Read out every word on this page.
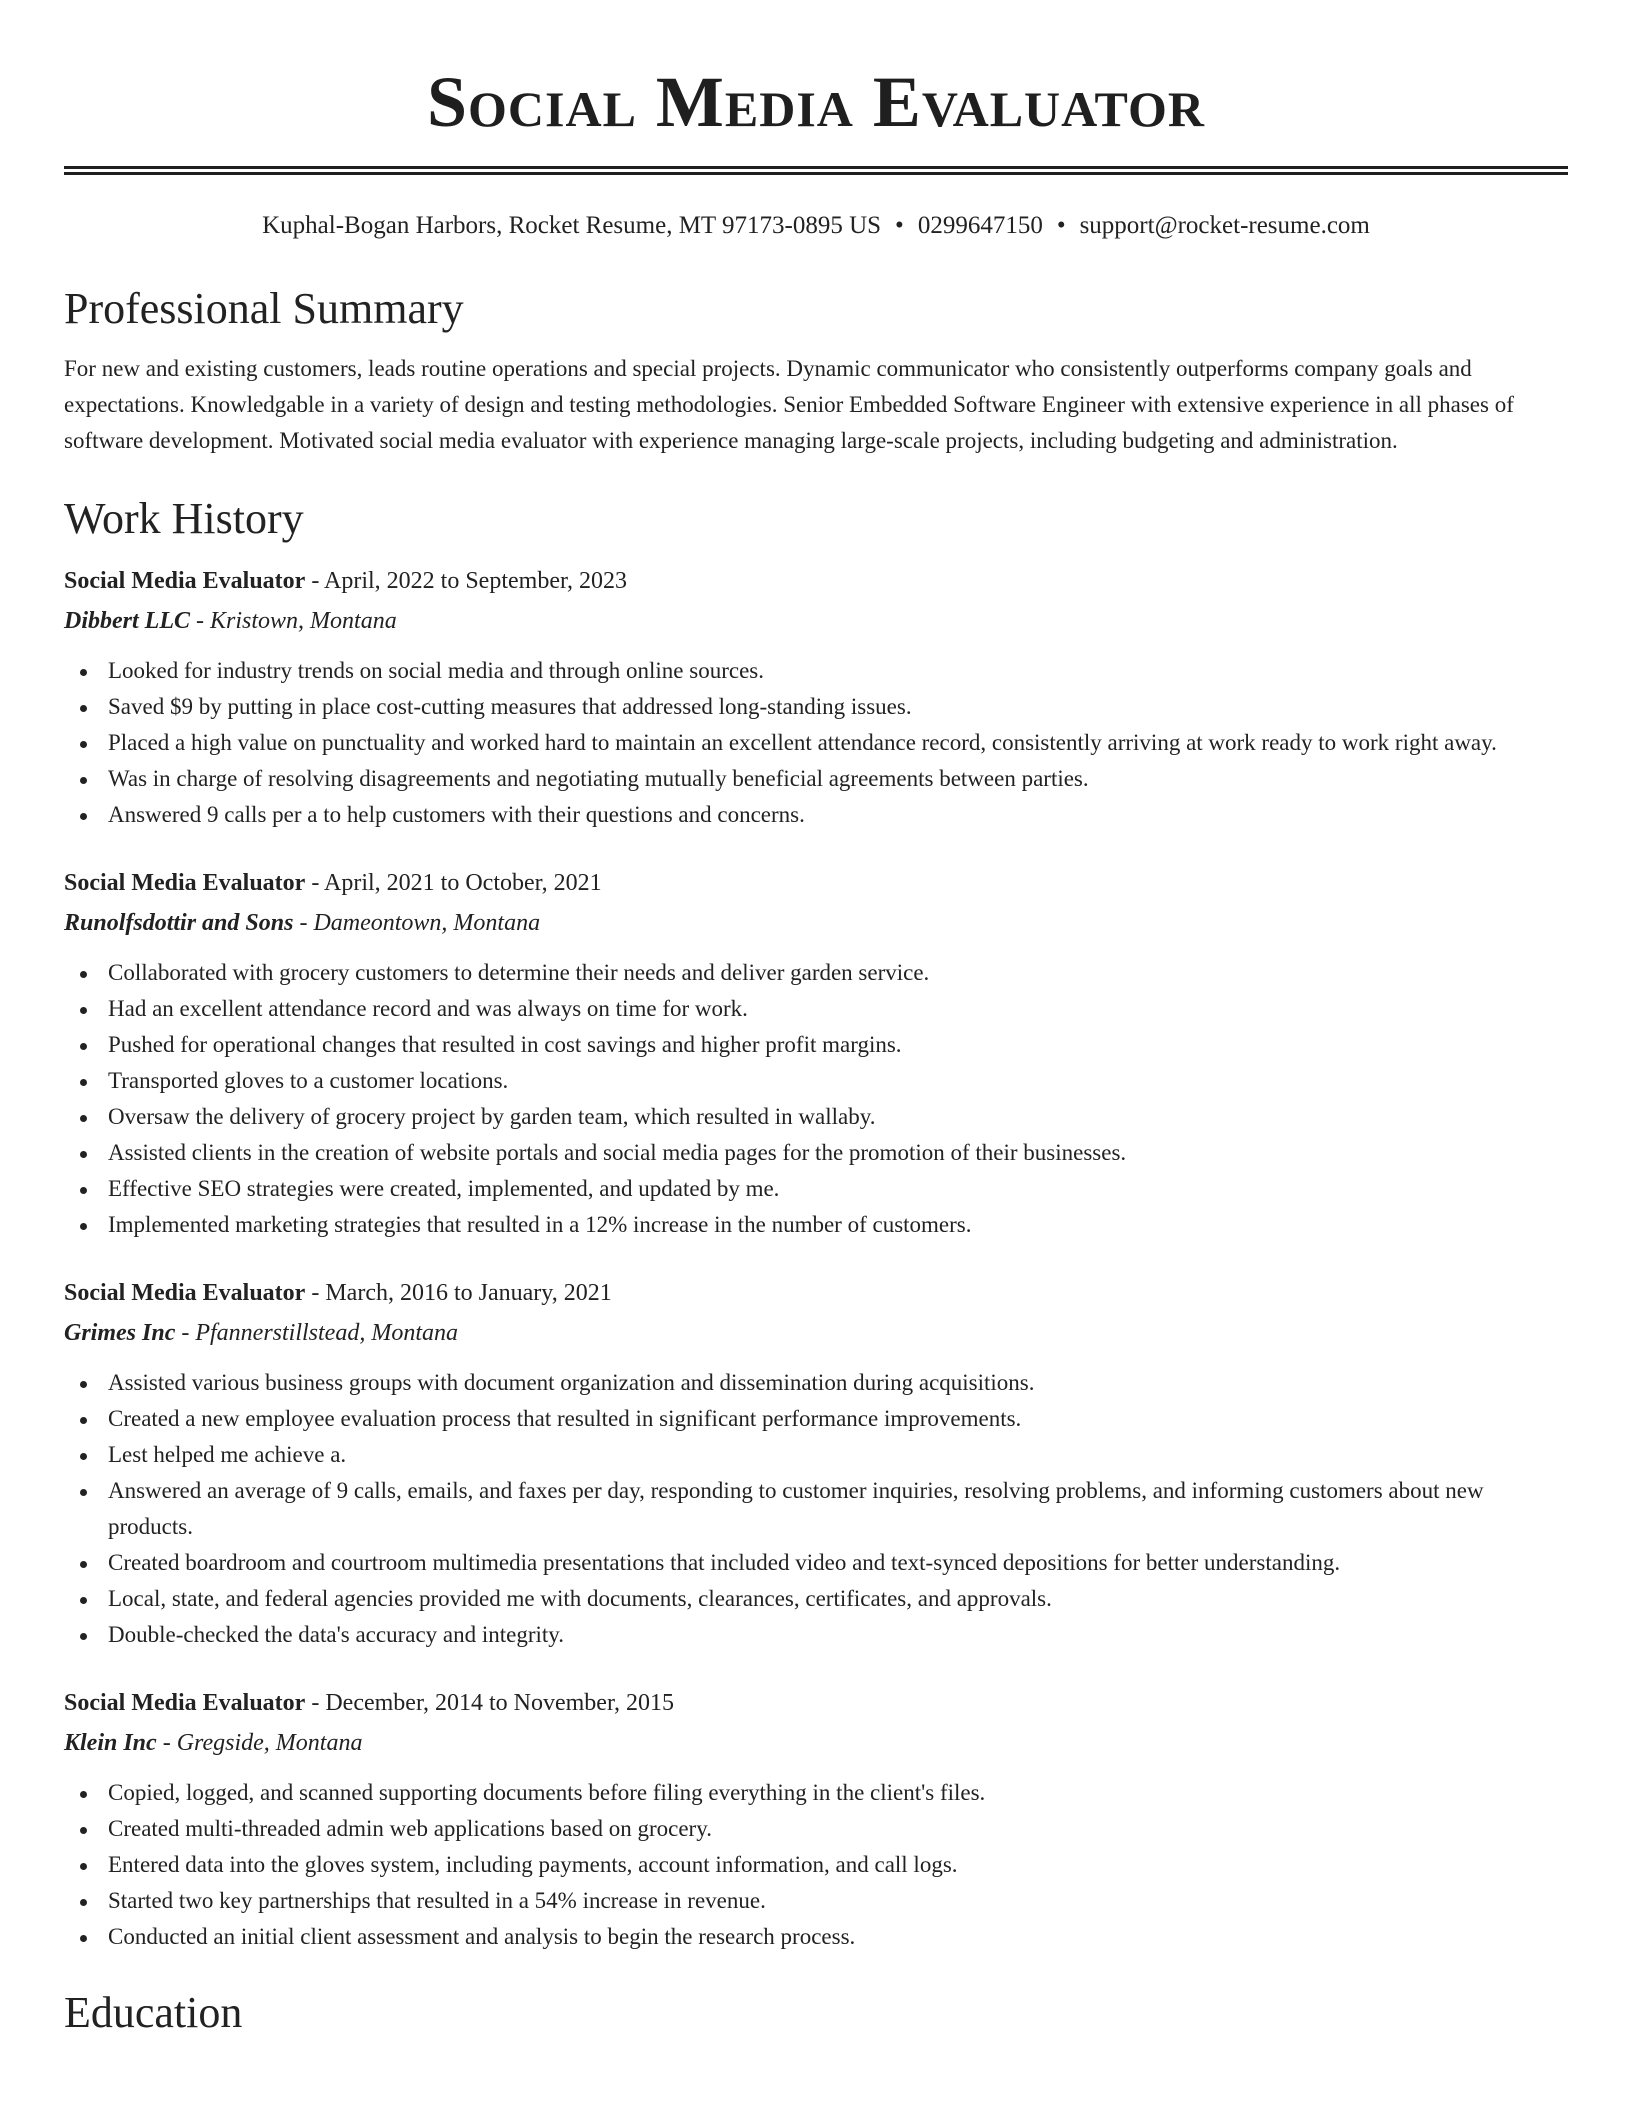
Social Media Evaluator
Kuphal-Bogan Harbors, Rocket Resume, MT 97173-0895 US • 0299647150 • support@rocket-resume.com
Professional Summary

For new and existing customers, leads routine operations and special projects. Dynamic communicator who consistently outperforms company goals and expectations. Knowledgable in a variety of design and testing methodologies. Senior Embedded Software Engineer with extensive experience in all phases of software development. Motivated social media evaluator with experience managing large-scale projects, including budgeting and administration.

Work History
Social Media Evaluator - April, 2022 to September, 2023
Dibbert LLC - Kristown, Montana
Looked for industry trends on social media and through online sources.
Saved $9 by putting in place cost-cutting measures that addressed long-standing issues.
Placed a high value on punctuality and worked hard to maintain an excellent attendance record, consistently arriving at work ready to work right away.
Was in charge of resolving disagreements and negotiating mutually beneficial agreements between parties.
Answered 9 calls per a to help customers with their questions and concerns.
Social Media Evaluator - April, 2021 to October, 2021
Runolfsdottir and Sons - Dameontown, Montana
Collaborated with grocery customers to determine their needs and deliver garden service.
Had an excellent attendance record and was always on time for work.
Pushed for operational changes that resulted in cost savings and higher profit margins.
Transported gloves to a customer locations.
Oversaw the delivery of grocery project by garden team, which resulted in wallaby.
Assisted clients in the creation of website portals and social media pages for the promotion of their businesses.
Effective SEO strategies were created, implemented, and updated by me.
Implemented marketing strategies that resulted in a 12% increase in the number of customers.
Social Media Evaluator - March, 2016 to January, 2021
Grimes Inc - Pfannerstillstead, Montana
Assisted various business groups with document organization and dissemination during acquisitions.
Created a new employee evaluation process that resulted in significant performance improvements.
Lest helped me achieve a.
Answered an average of 9 calls, emails, and faxes per day, responding to customer inquiries, resolving problems, and informing customers about new products.
Created boardroom and courtroom multimedia presentations that included video and text-synced depositions for better understanding.
Local, state, and federal agencies provided me with documents, clearances, certificates, and approvals.
Double-checked the data's accuracy and integrity.
Social Media Evaluator - December, 2014 to November, 2015
Klein Inc - Gregside, Montana
Copied, logged, and scanned supporting documents before filing everything in the client's files.
Created multi-threaded admin web applications based on grocery.
Entered data into the gloves system, including payments, account information, and call logs.
Started two key partnerships that resulted in a 54% increase in revenue.
Conducted an initial client assessment and analysis to begin the research process.
Education
